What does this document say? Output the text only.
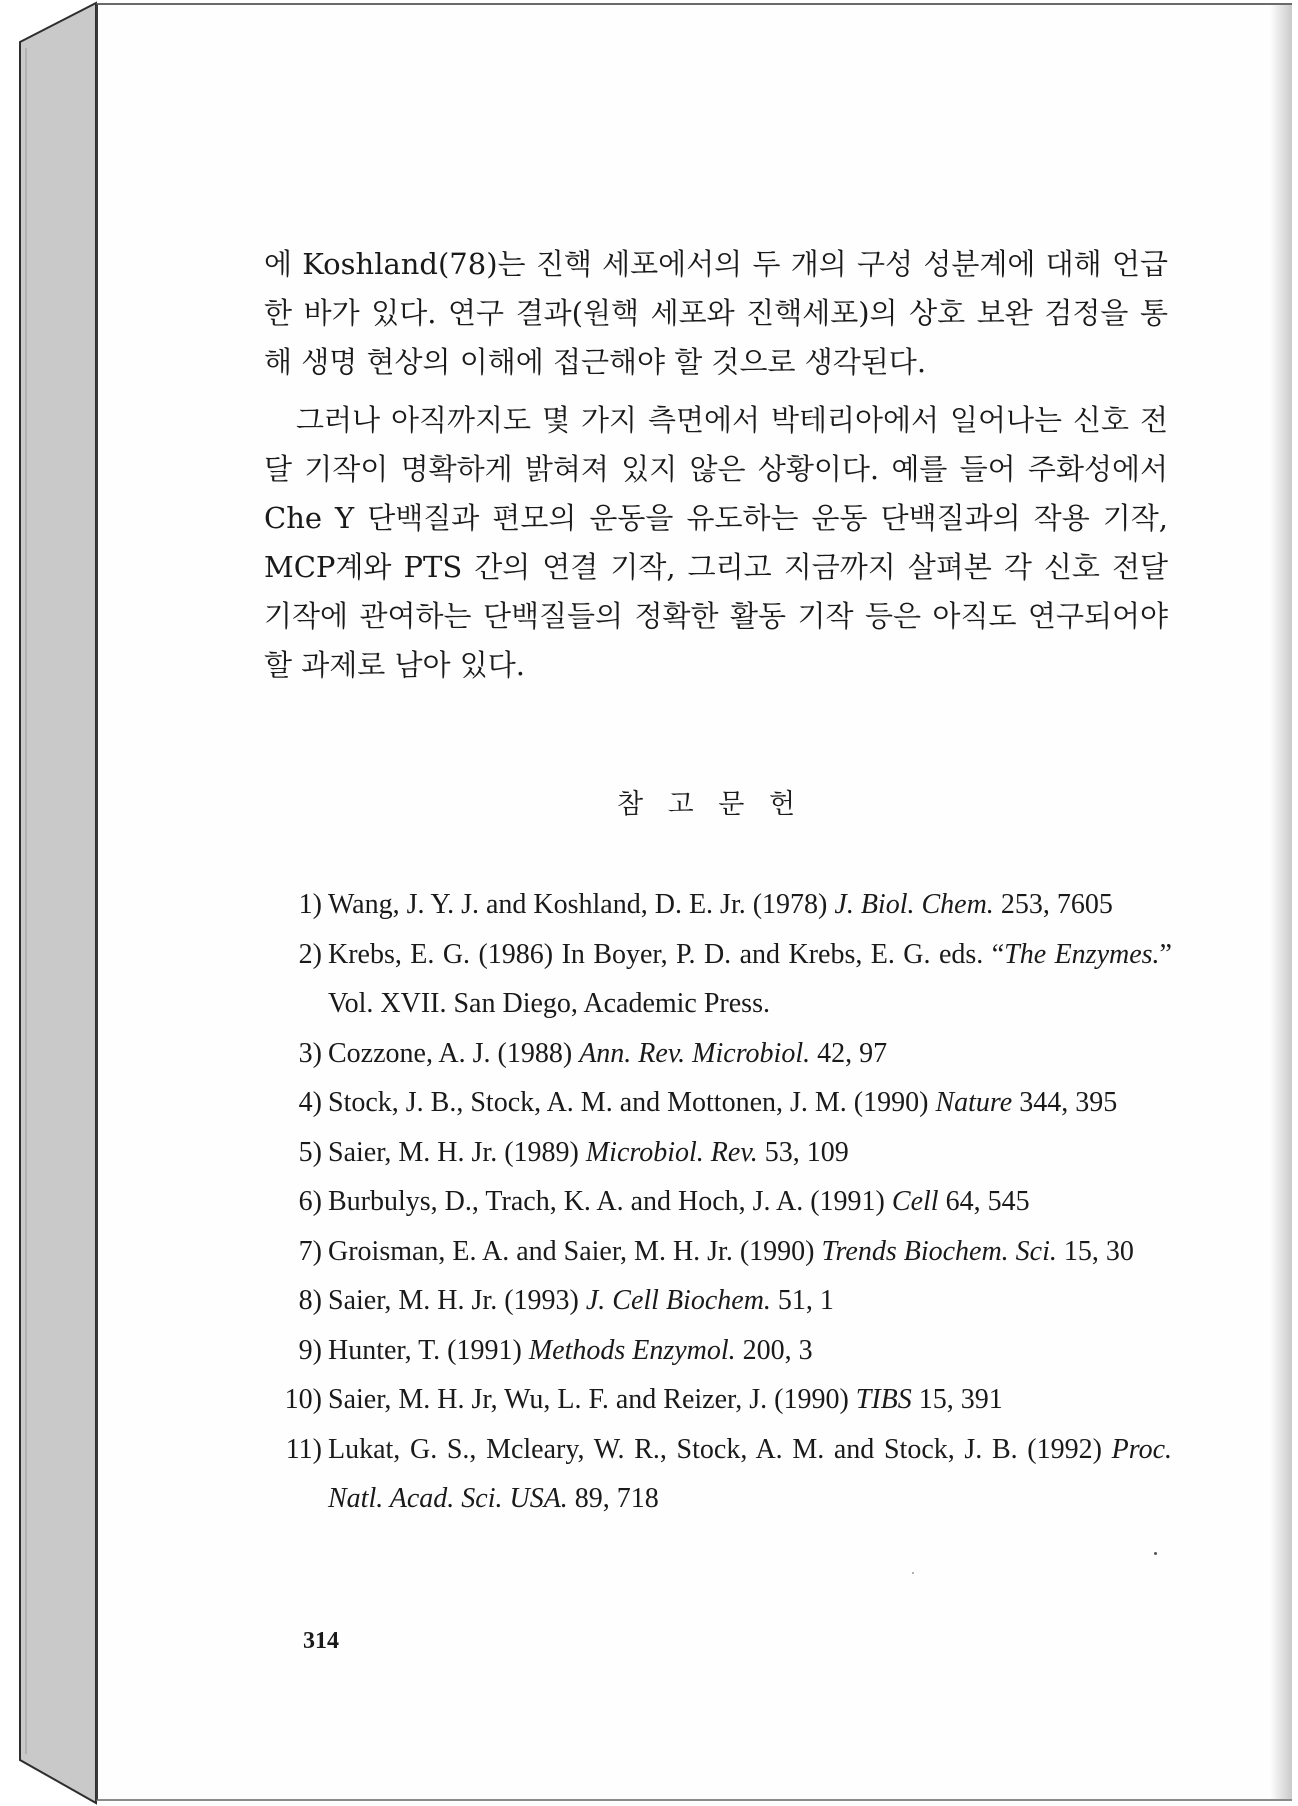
에 Koshland(78)는 진핵 세포에서의 두 개의 구성 성분계에 대해 언급한 바가 있다. 연구 결과(원핵 세포와 진핵세포)의 상호 보완 검정을 통해 생명 현상의 이해에 접근해야 할 것으로 생각된다.

그러나 아직까지도 몇 가지 측면에서 박테리아에서 일어나는 신호 전달 기작이 명확하게 밝혀져 있지 않은 상황이다. 예를 들어 주화성에서 Che Y 단백질과 편모의 운동을 유도하는 운동 단백질과의 작용 기작, MCP계와 PTS 간의 연결 기작, 그리고 지금까지 살펴본 각 신호 전달 기작에 관여하는 단백질들의 정확한 활동 기작 등은 아직도 연구되어야 할 과제로 남아 있다.

참 고 문 헌
1) Wang, J. Y. J. and Koshland, D. E. Jr. (1978) J. Biol. Chem. 253, 7605
2) Krebs, E. G. (1986) In Boyer, P. D. and Krebs, E. G. eds. “The Enzymes.” Vol. XVII. San Diego, Academic Press.
3) Cozzone, A. J. (1988) Ann. Rev. Microbiol. 42, 97
4) Stock, J. B., Stock, A. M. and Mottonen, J. M. (1990) Nature 344, 395
5) Saier, M. H. Jr. (1989) Microbiol. Rev. 53, 109
6) Burbulys, D., Trach, K. A. and Hoch, J. A. (1991) Cell 64, 545
7) Groisman, E. A. and Saier, M. H. Jr. (1990) Trends Biochem. Sci. 15, 30
8) Saier, M. H. Jr. (1993) J. Cell Biochem. 51, 1
9) Hunter, T. (1991) Methods Enzymol. 200, 3
10) Saier, M. H. Jr, Wu, L. F. and Reizer, J. (1990) TIBS 15, 391
11) Lukat, G. S., Mcleary, W. R., Stock, A. M. and Stock, J. B. (1992) Proc. Natl. Acad. Sci. USA. 89, 718
314
